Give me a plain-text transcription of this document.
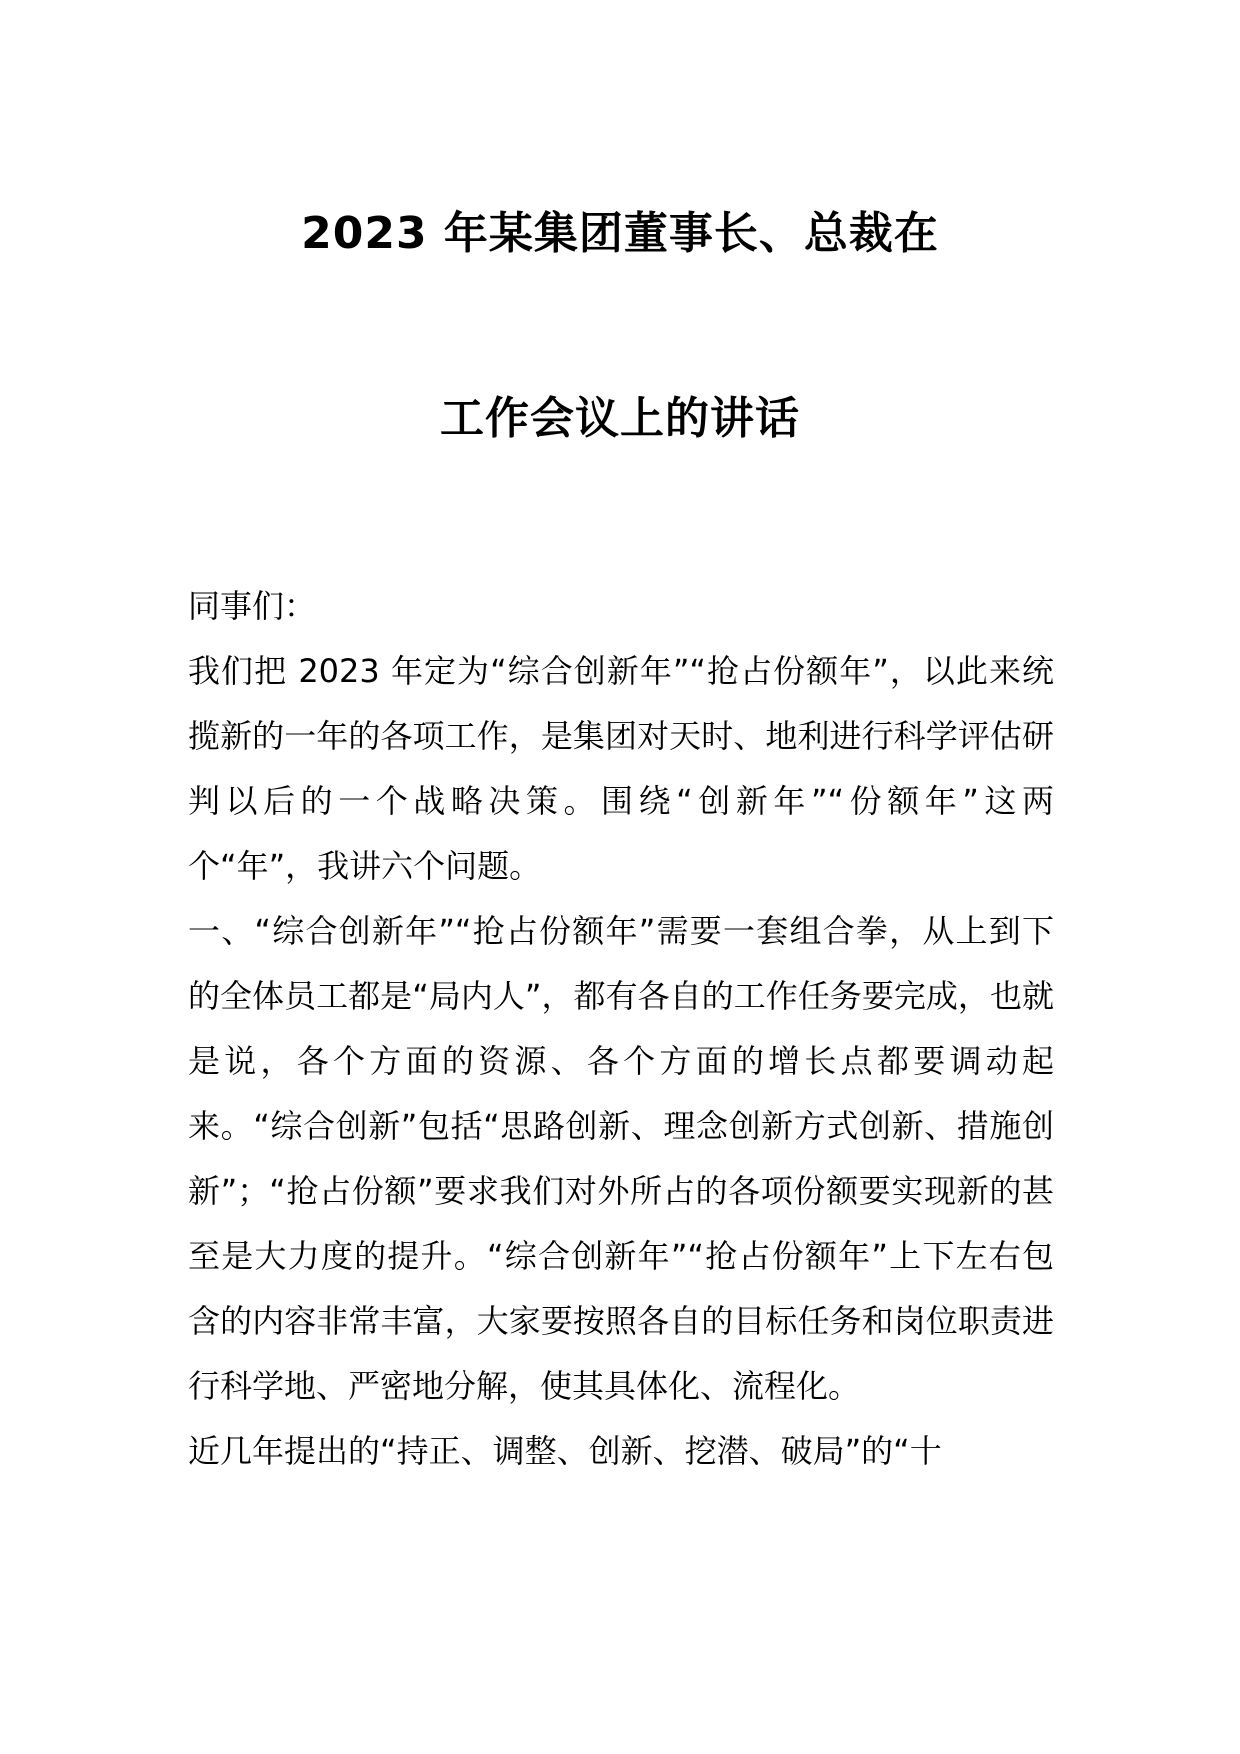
2023 年某集团董事长、总裁在
工作会议上的讲话

同事们：

我们把 2023 年定为“综合创新年”“抢占份额年”，以此来统揽新的一年的各项工作，是集团对天时、地利进行科学评估研判以后的一个战略决策。围绕“创新年”“份额年”这两个“年”，我讲六个问题。

一、“综合创新年”“抢占份额年”需要一套组合拳，从上到下的全体员工都是“局内人”，都有各自的工作任务要完成，也就是说，各个方面的资源、各个方面的增长点都要调动起来。“综合创新”包括“思路创新、理念创新方式创新、措施创新”；“抢占份额”要求我们对外所占的各项份额要实现新的甚至是大力度的提升。“综合创新年”“抢占份额年”上下左右包含的内容非常丰富，大家要按照各自的目标任务和岗位职责进行科学地、严密地分解，使其具体化、流程化。

近几年提出的“持正、调整、创新、挖潜、破局”的“十
